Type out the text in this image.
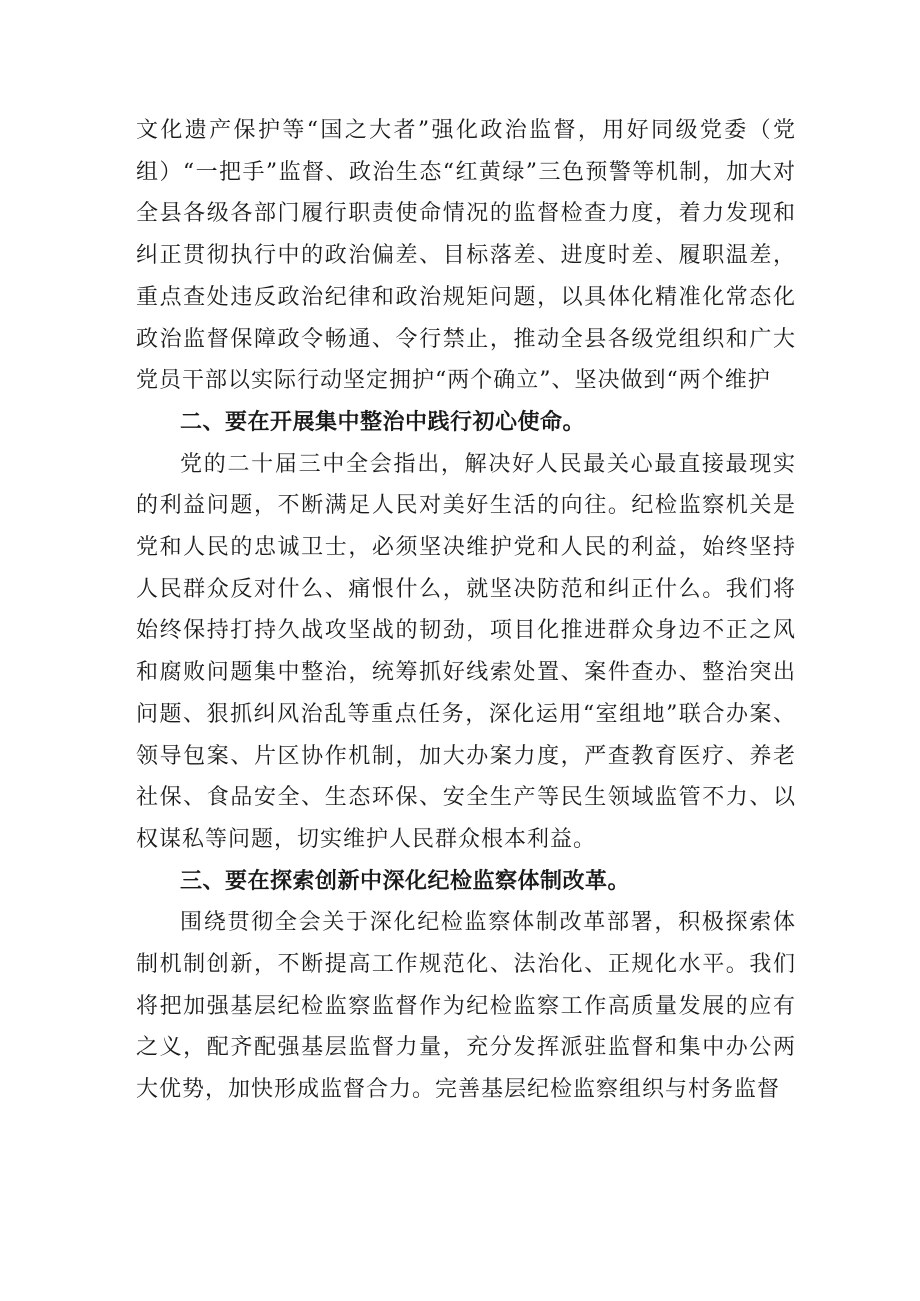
文化遗产保护等“国之大者”强化政治监督，用好同级党委（党组）“一把手”监督、政治生态“红黄绿”三色预警等机制，加大对全县各级各部门履行职责使命情况的监督检查力度，着力发现和纠正贯彻执行中的政治偏差、目标落差、进度时差、履职温差，重点查处违反政治纪律和政治规矩问题，以具体化精准化常态化政治监督保障政令畅通、令行禁止，推动全县各级党组织和广大党员干部以实际行动坚定拥护“两个确立”、坚决做到“两个维护

二、要在开展集中整治中践行初心使命。

党的二十届三中全会指出，解决好人民最关心最直接最现实的利益问题，不断满足人民对美好生活的向往。纪检监察机关是党和人民的忠诚卫士，必须坚决维护党和人民的利益，始终坚持人民群众反对什么、痛恨什么，就坚决防范和纠正什么。我们将始终保持打持久战攻坚战的韧劲，项目化推进群众身边不正之风和腐败问题集中整治，统筹抓好线索处置、案件查办、整治突出问题、狠抓纠风治乱等重点任务，深化运用“室组地”联合办案、领导包案、片区协作机制，加大办案力度，严查教育医疗、养老社保、食品安全、生态环保、安全生产等民生领域监管不力、以权谋私等问题，切实维护人民群众根本利益。

三、要在探索创新中深化纪检监察体制改革。

围绕贯彻全会关于深化纪检监察体制改革部署，积极探索体制机制创新，不断提高工作规范化、法治化、正规化水平。我们将把加强基层纪检监察监督作为纪检监察工作高质量发展的应有之义，配齐配强基层监督力量，充分发挥派驻监督和集中办公两大优势，加快形成监督合力。完善基层纪检监察组织与村务监督
